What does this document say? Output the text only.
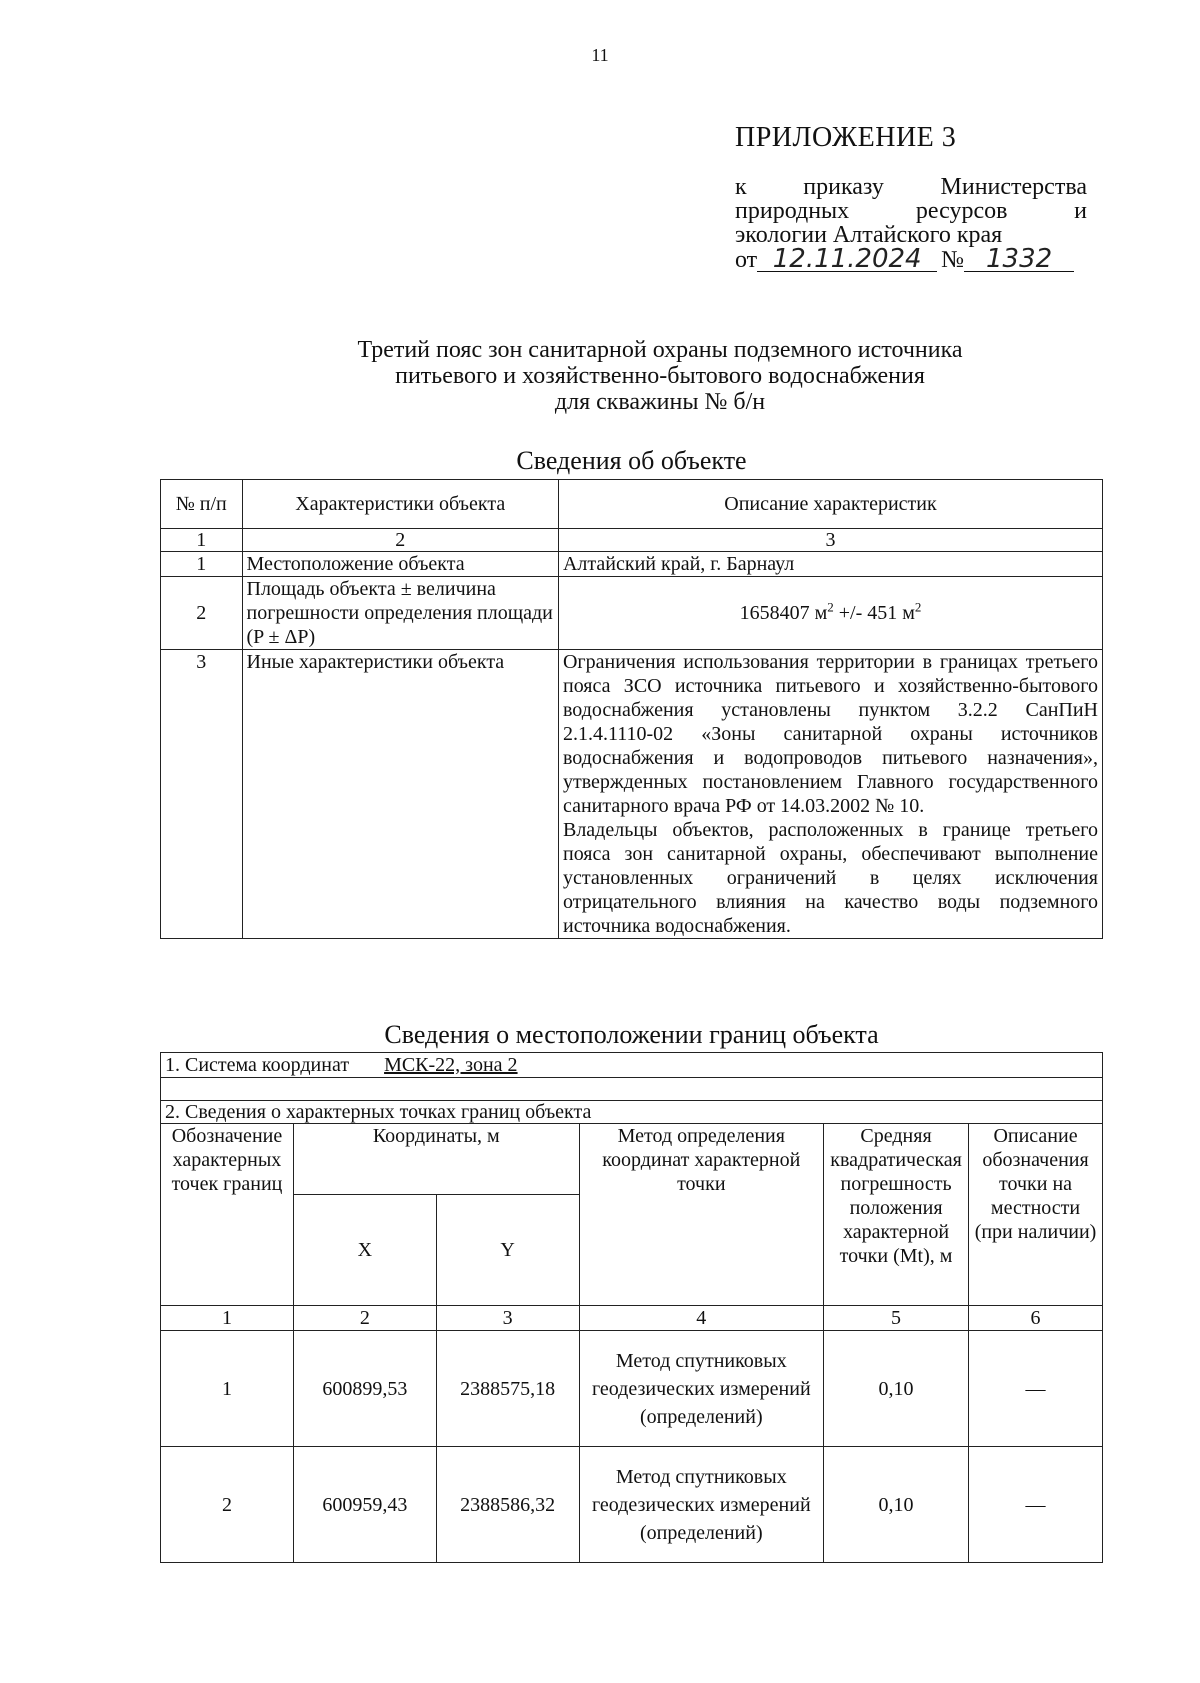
11
ПРИЛОЖЕНИЕ 3
к приказу Министерства
природных	ресурсов	и
экологии Алтайского края
от 12.11.2024 № 1332
Третий пояс зон санитарной охраны подземного источника
питьевого и хозяйственно-бытового водоснабжения
для скважины № б/н
Сведения об объекте
№ п/п	Характеристики объекта	Описание характеристик
1	2	3
1	Местоположение объекта	Алтайский край, г. Барнаул
2	Площадь объекта ± величина погрешности определения площади (P ± ΔP)	1658407 $м^2$ +/- 451 $м^2$
3	Иные характеристики объекта	Ограничения использования территории в границах третьего пояса ЗСО источника питьевого и хозяйственно-бытового водоснабжения установлены пунктом 3.2.2 СанПиН 2.1.4.1110-02 «Зоны санитарной охраны источников водоснабжения и водопроводов питьевого назначения», утвержденных постановлением Главного государственного санитарного врача РФ от 14.03.2002 № 10.
Владельцы объектов, расположенных в границе третьего пояса зон санитарной охраны, обеспечивают выполнение установленных ограничений в целях исключения отрицательного влияния на качество воды подземного источника водоснабжения.
Сведения о местоположении границ объекта
1. Система координат МСК-22, зона 2					

2. Сведения о характерных точках границ объекта					
Обозначение характерных точек границ	Координаты, м		Метод определения координат характерной точки	Средняя квадратическая погрешность положения характерной точки (Mt), м	Описание обозначения точки на местности (при наличии)
	X	Y			
1	2	3	4	5	6
1	600899,53	2388575,18	Метод спутниковых геодезических измерений (определений)	0,10	—
2	600959,43	2388586,32	Метод спутниковых геодезических измерений (определений)	0,10	—
